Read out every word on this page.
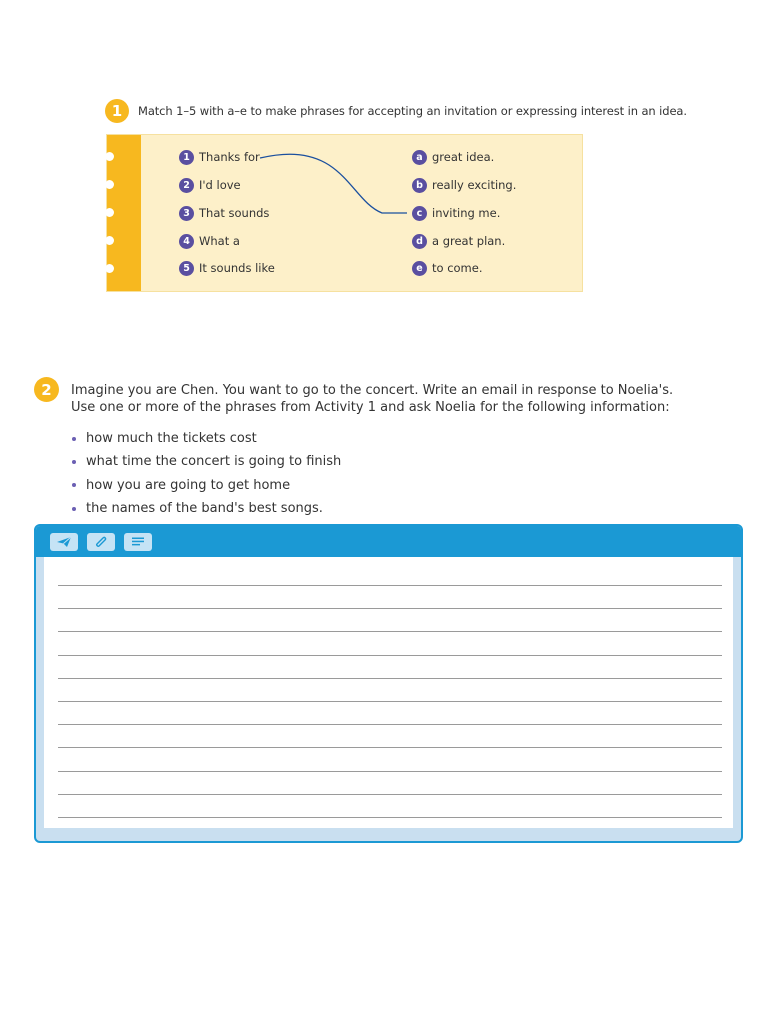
1 Match 1–5 with a–e to make phrases for accepting an invitation or expressing interest in an idea.
1 Thanks for
2 I'd love
3 That sounds
4 What a
5 It sounds like
a great idea.
b really exciting.
c inviting me.
d a great plan.
e to come.
2 Imagine you are Chen. You want to go to the concert. Write an email in response to Noelia's.
Use one or more of the phrases from Activity 1 and ask Noelia for the following information:
how much the tickets cost
what time the concert is going to finish
how you are going to get home
the names of the band's best songs.
